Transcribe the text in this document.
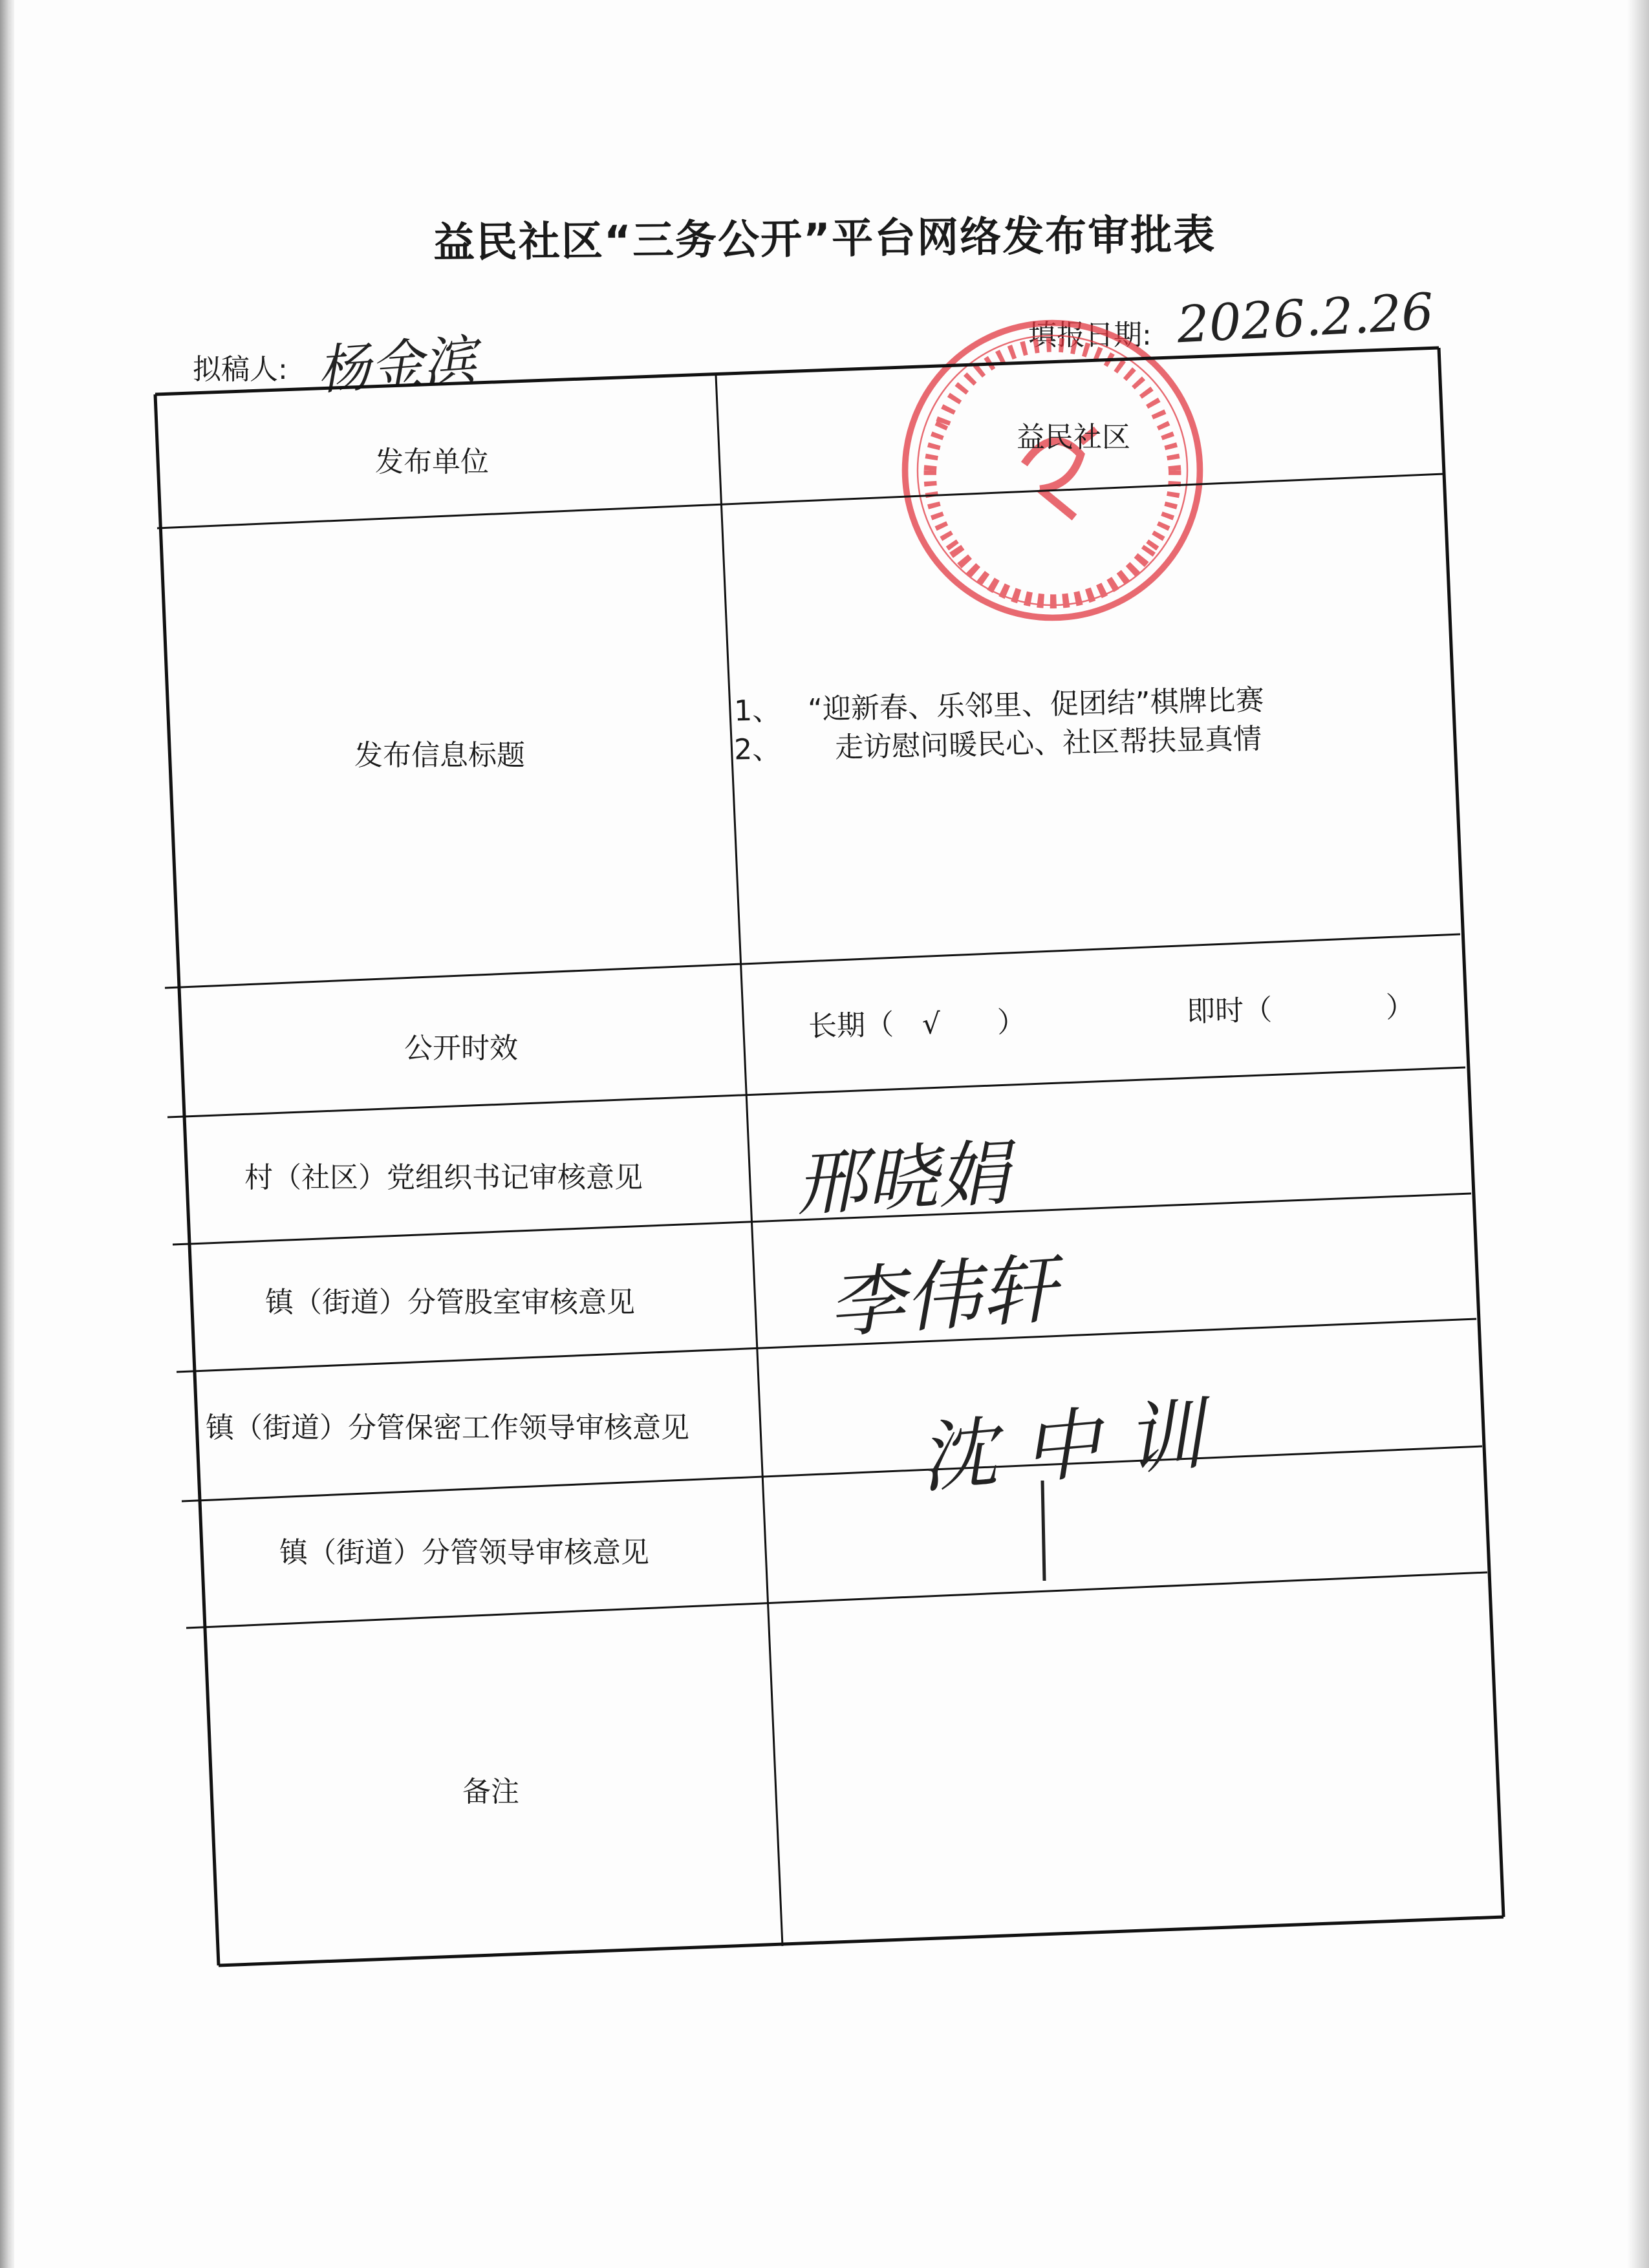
益民社区“三务公开”平台网络发布审批表
拟稿人: 杨金滨	填报日期: 2026.2.26
发布单位
发布信息标题
公开时效
村（社区）党组织书记审核意见
镇（街道）分管股室审核意见
镇（街道）分管保密工作领导审核意见
镇（街道）分管领导审核意见
备注
益民社区
1、 “迎新春、乐邻里、促团结”棋牌比赛
2、 走访慰问暖民心、社区帮扶显真情
长期（　√　　）	即时（　　　　）
邢晓娟
李伟轩
沈中训
